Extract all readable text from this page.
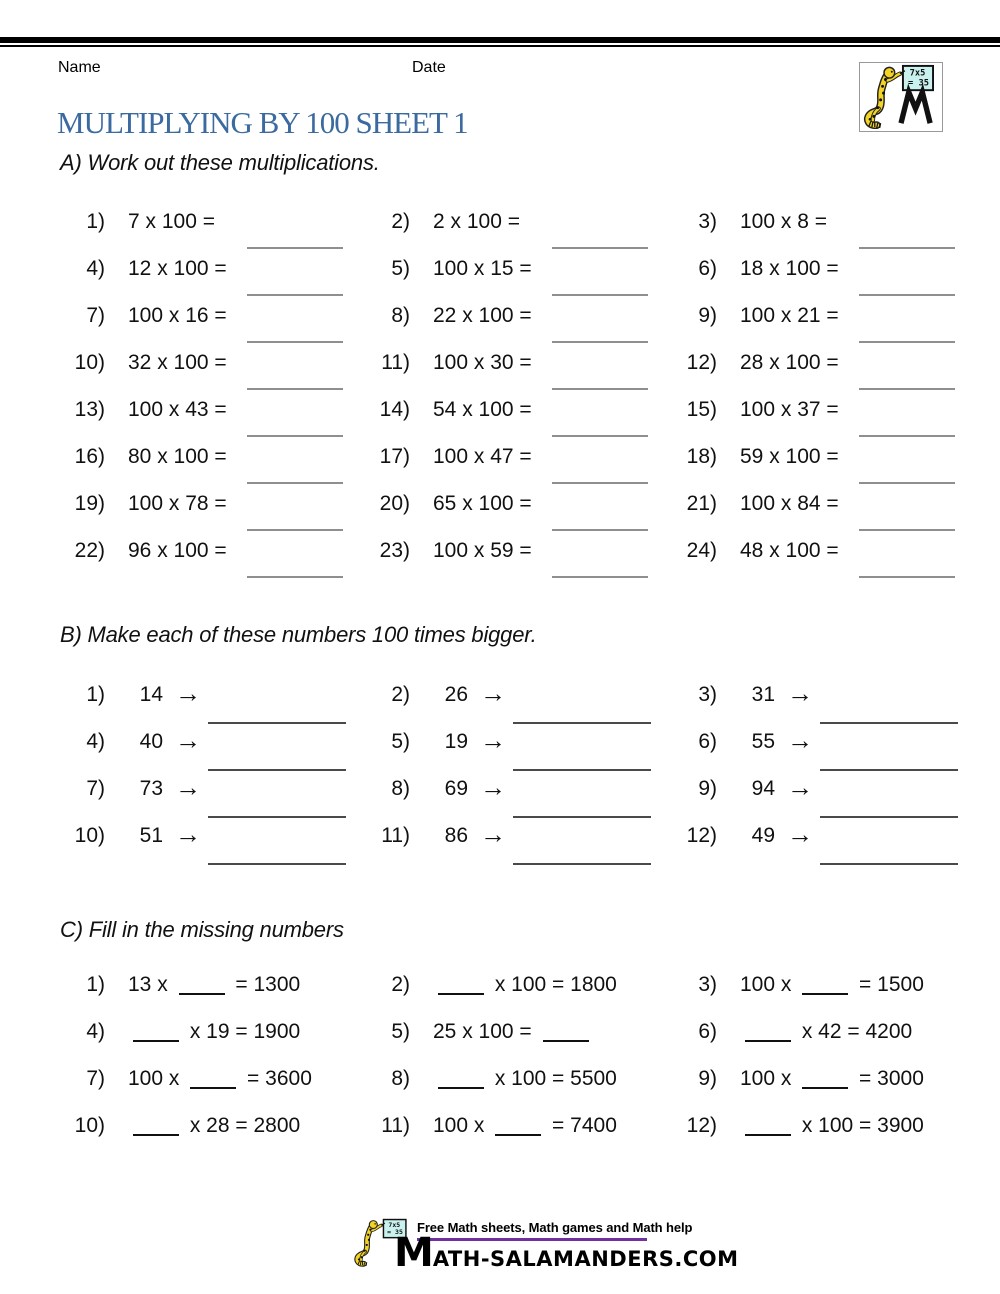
Name	Date
MULTIPLYING BY 100 SHEET 1
A) Work out these multiplications.
1) 7 x 100 =	2) 2 x 100 =	3) 100 x 8 =
4) 12 x 100 =	5) 100 x 15 =	6) 18 x 100 =
7) 100 x 16 =	8) 22 x 100 =	9) 100 x 21 =
10) 32 x 100 =	11) 100 x 30 =	12) 28 x 100 =
13) 100 x 43 =	14) 54 x 100 =	15) 100 x 37 =
16) 80 x 100 =	17) 100 x 47 =	18) 59 x 100 =
19) 100 x 78 =	20) 65 x 100 =	21) 100 x 84 =
22) 96 x 100 =	23) 100 x 59 =	24) 48 x 100 =
B) Make each of these numbers 100 times bigger.
1)	14 →	2)	26 →	3)	31 →
4)	40 →	5)	19 →	6)	55 →
7)	73 →	8)	69 →	9)	94 →
10)	51 →	11)	86 →	12)	49 →
C) Fill in the missing numbers
1) 13 x	= 1300	2)	x 100 = 1800	3) 100 x	= 1500
4)	x 19 = 1900	5) 25 x 100 =	6)	x 42 = 4200
7) 100 x	= 3600	8)	x 100 = 5500	9) 100 x	= 3000
10)	x 28 = 2800	11) 100 x	= 7400	12)	x 100 = 3900
Free Math sheets, Math games and Math help
MATH-SALAMANDERS.COM
